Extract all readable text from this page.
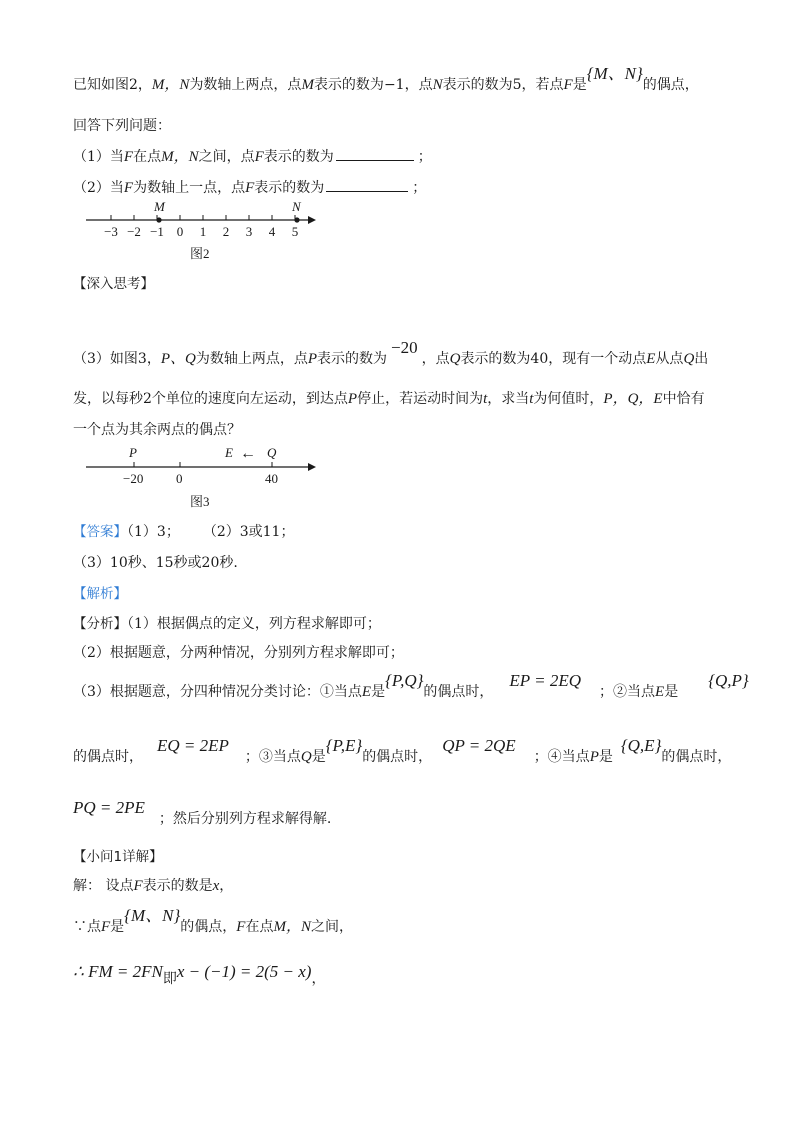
已知如图2，M，N为数轴上两点，点M表示的数为−1，点N表示的数为5，若点F是{M、N}的偶点，
回答下列问题：
（1）当F在点M，N之间，点F表示的数为	；
（2）当F为数轴上一点，点F表示的数为	；
−3 −2 −1 0 1 2 3 4 5
M	N
图2
【深入思考】
（3）如图3，P、Q为数轴上两点，点P表示的数为−20，点Q表示的数为40，现有一个动点E从点Q出
发，以每秒2个单位的速度向左运动，到达点P停止，若运动时间为t，求当t为何值时，P，Q，E中恰有
一个点为其余两点的偶点？
P	E ← Q
−20	0	40
图3
【答案】（1）3； （2）3或11；
（3）10秒、15秒或20秒.
【解析】
【分析】（1）根据偶点的定义，列方程求解即可；
（2）根据题意，分两种情况，分别列方程求解即可；
（3）根据题意，分四种情况分类讨论：①当点E是{P,Q}的偶点时，EP = 2EQ；②当点E是{Q,P}
的偶点时，EQ = 2EP；③当点Q是{P,E}的偶点时，QP = 2QE；④当点P是{Q,E}的偶点时，
PQ = 2PE；然后分别列方程求解得解.
【小问1详解】
解： 设点F表示的数是x，
∵点F是{M、N}的偶点，F在点M，N之间，
∴ FM = 2FN即x − (−1) = 2(5 − x)，
